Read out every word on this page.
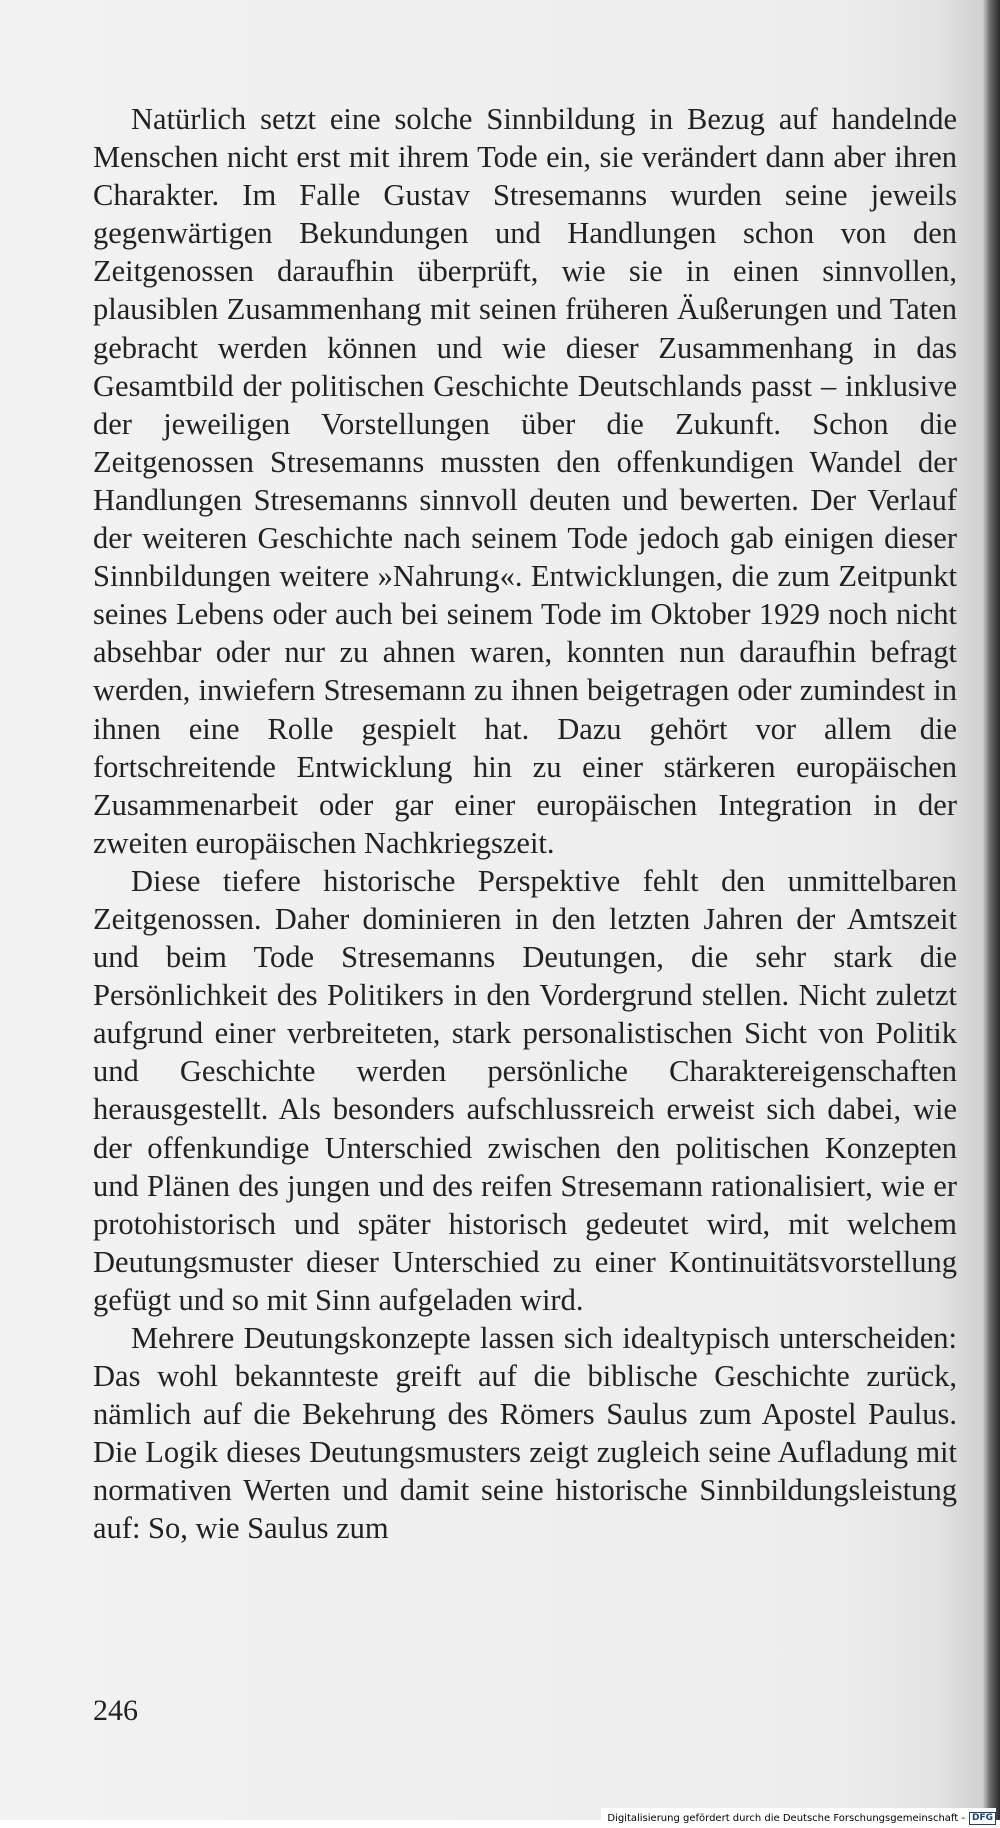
Natürlich setzt eine solche Sinnbildung in Bezug auf handelnde Menschen nicht erst mit ihrem Tode ein, sie verändert dann aber ihren Charakter. Im Falle Gustav Stresemanns wurden seine jeweils gegenwärtigen Bekundungen und Handlungen schon von den Zeitgenossen daraufhin überprüft, wie sie in einen sinnvollen, plausiblen Zusammenhang mit seinen früheren Äußerungen und Taten gebracht werden können und wie dieser Zusammenhang in das Gesamtbild der politischen Geschichte Deutschlands passt – inklusive der jeweiligen Vorstellungen über die Zukunft. Schon die Zeitgenossen Stresemanns mussten den offenkundigen Wandel der Handlungen Stresemanns sinnvoll deuten und bewerten. Der Verlauf der weiteren Geschichte nach seinem Tode jedoch gab einigen dieser Sinnbildungen weitere »Nahrung«. Entwicklungen, die zum Zeitpunkt seines Lebens oder auch bei seinem Tode im Oktober 1929 noch nicht absehbar oder nur zu ahnen waren, konnten nun daraufhin befragt werden, inwiefern Stresemann zu ihnen beigetragen oder zumindest in ihnen eine Rolle gespielt hat. Dazu gehört vor allem die fortschreitende Entwicklung hin zu einer stärkeren europäischen Zusammenarbeit oder gar einer europäischen Integration in der zweiten europäischen Nachkriegszeit.

Diese tiefere historische Perspektive fehlt den unmittelbaren Zeitgenossen. Daher dominieren in den letzten Jahren der Amtszeit und beim Tode Stresemanns Deutungen, die sehr stark die Persönlichkeit des Politikers in den Vordergrund stellen. Nicht zuletzt aufgrund einer verbreiteten, stark personalistischen Sicht von Politik und Geschichte werden persönliche Charaktereigenschaften herausgestellt. Als besonders aufschlussreich erweist sich dabei, wie der offenkundige Unterschied zwischen den politischen Konzepten und Plänen des jungen und des reifen Stresemann rationalisiert, wie er protohistorisch und später historisch gedeutet wird, mit welchem Deutungsmuster dieser Unterschied zu einer Kontinuitätsvorstellung gefügt und so mit Sinn aufgeladen wird.

Mehrere Deutungskonzepte lassen sich idealtypisch unterscheiden: Das wohl bekannteste greift auf die biblische Geschichte zurück, nämlich auf die Bekehrung des Römers Saulus zum Apostel Paulus. Die Logik dieses Deutungsmusters zeigt zugleich seine Aufladung mit normativen Werten und damit seine historische Sinnbildungsleistung auf: So, wie Saulus zum

246
Digitalisierung gefördert durch die Deutsche Forschungsgemeinschaft - DFG
